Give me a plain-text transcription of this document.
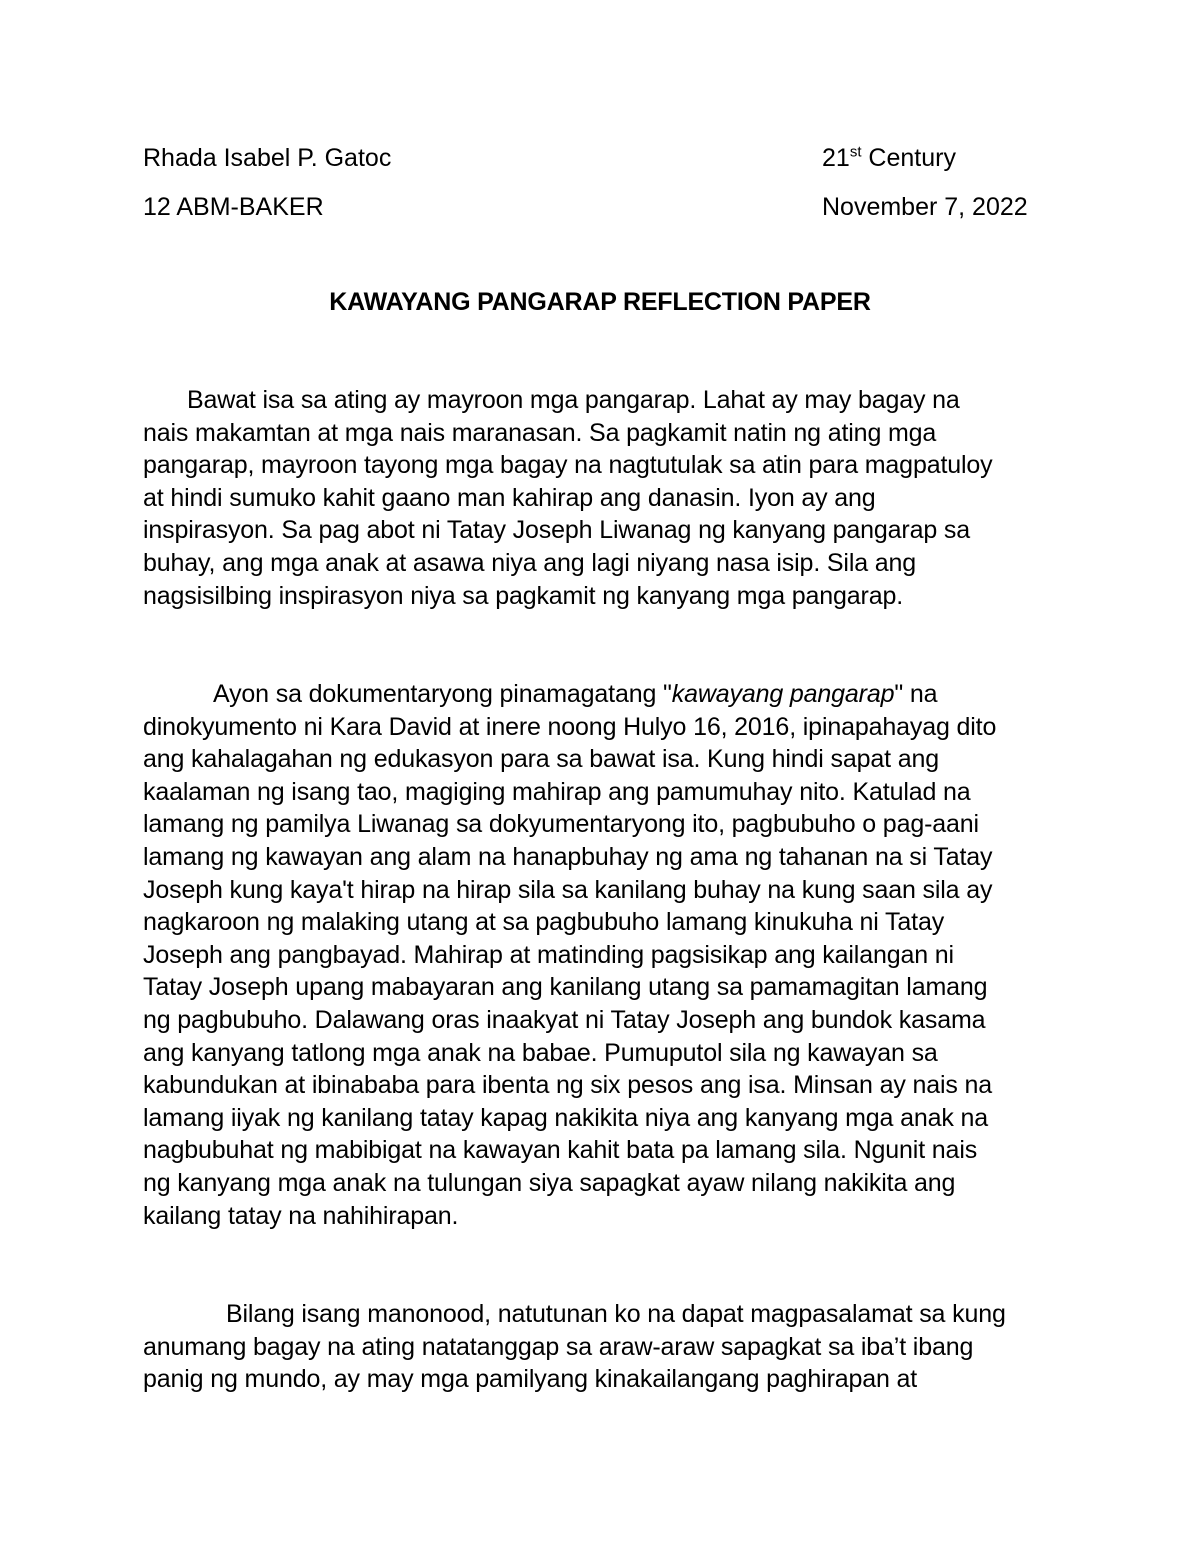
Rhada Isabel P. Gatoc	21st Century
12 ABM-BAKER	November 7, 2022
KAWAYANG PANGARAP REFLECTION PAPER
Bawat isa sa ating ay mayroon mga pangarap. Lahat ay may bagay na
nais makamtan at mga nais maranasan. Sa pagkamit natin ng ating mga
pangarap, mayroon tayong mga bagay na nagtutulak sa atin para magpatuloy
at hindi sumuko kahit gaano man kahirap ang danasin. Iyon ay ang
inspirasyon. Sa pag abot ni Tatay Joseph Liwanag ng kanyang pangarap sa
buhay, ang mga anak at asawa niya ang lagi niyang nasa isip. Sila ang
nagsisilbing inspirasyon niya sa pagkamit ng kanyang mga pangarap.
Ayon sa dokumentaryong pinamagatang "kawayang pangarap" na
dinokyumento ni Kara David at inere noong Hulyo 16, 2016, ipinapahayag dito
ang kahalagahan ng edukasyon para sa bawat isa. Kung hindi sapat ang
kaalaman ng isang tao, magiging mahirap ang pamumuhay nito. Katulad na
lamang ng pamilya Liwanag sa dokyumentaryong ito, pagbubuho o pag-aani
lamang ng kawayan ang alam na hanapbuhay ng ama ng tahanan na si Tatay
Joseph kung kaya't hirap na hirap sila sa kanilang buhay na kung saan sila ay
nagkaroon ng malaking utang at sa pagbubuho lamang kinukuha ni Tatay
Joseph ang pangbayad. Mahirap at matinding pagsisikap ang kailangan ni
Tatay Joseph upang mabayaran ang kanilang utang sa pamamagitan lamang
ng pagbubuho. Dalawang oras inaakyat ni Tatay Joseph ang bundok kasama
ang kanyang tatlong mga anak na babae. Pumuputol sila ng kawayan sa
kabundukan at ibinababa para ibenta ng six pesos ang isa. Minsan ay nais na
lamang iiyak ng kanilang tatay kapag nakikita niya ang kanyang mga anak na
nagbubuhat ng mabibigat na kawayan kahit bata pa lamang sila. Ngunit nais
ng kanyang mga anak na tulungan siya sapagkat ayaw nilang nakikita ang
kailang tatay na nahihirapan.
Bilang isang manonood, natutunan ko na dapat magpasalamat sa kung
anumang bagay na ating natatanggap sa araw-araw sapagkat sa iba’t ibang
panig ng mundo, ay may mga pamilyang kinakailangang paghirapan at
